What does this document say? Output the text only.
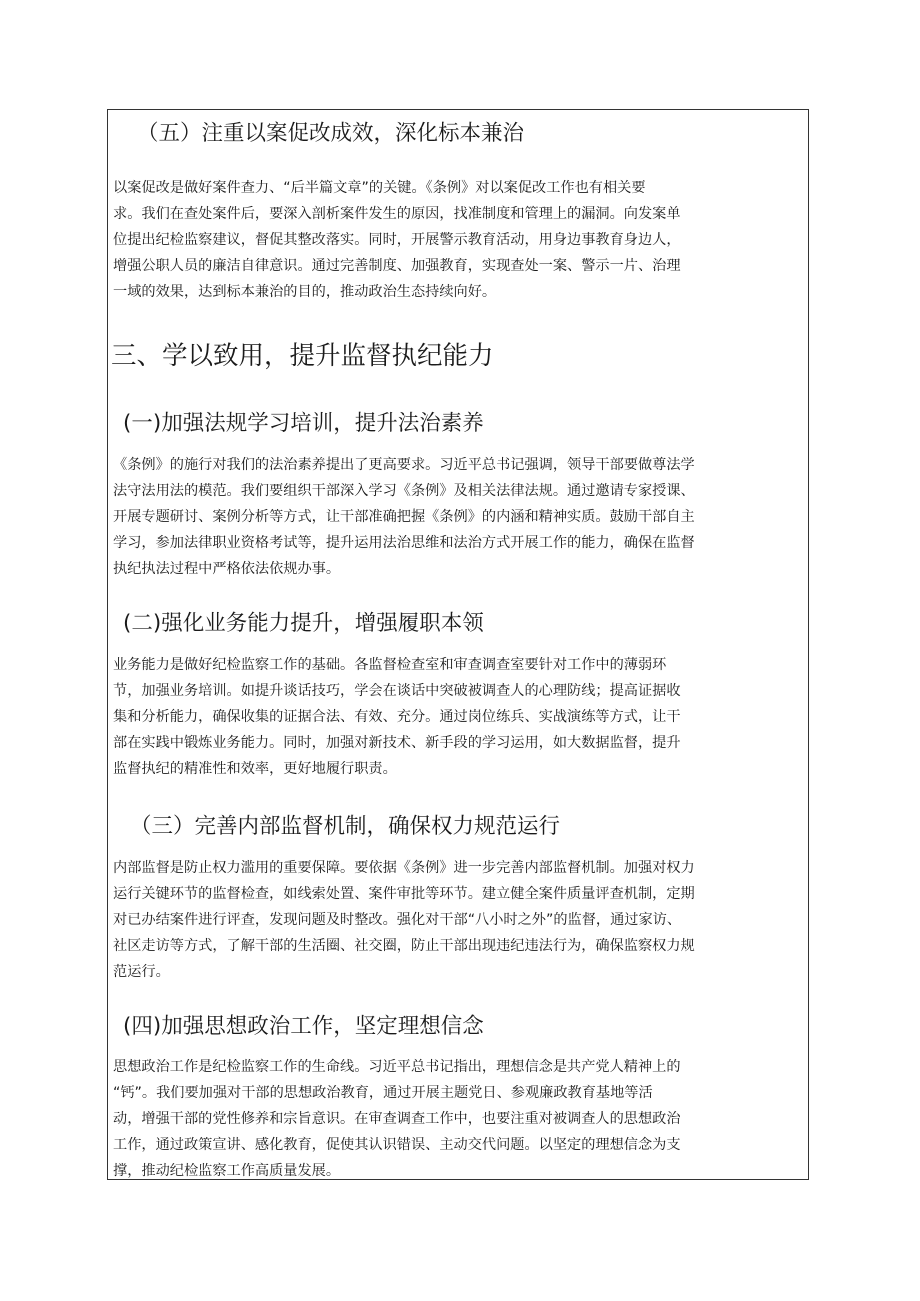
（五）注重以案促改成效，深化标本兼治
以案促改是做好案件查力、“后半篇文章”的关键。《条例》对以案促改工作也有相关要
求。我们在查处案件后，要深入剖析案件发生的原因，找准制度和管理上的漏洞。向发案单
位提出纪检监察建议，督促其整改落实。同时，开展警示教育活动，用身边事教育身边人，
增强公职人员的廉洁自律意识。通过完善制度、加强教育，实现查处一案、警示一片、治理
一域的效果，达到标本兼治的目的，推动政治生态持续向好。
三、学以致用，提升监督执纪能力
(一)加强法规学习培训，提升法治素养
《条例》的施行对我们的法治素养提出了更高要求。习近平总书记强调，领导干部要做尊法学
法守法用法的模范。我们要组织干部深入学习《条例》及相关法律法规。通过邀请专家授课、
开展专题研讨、案例分析等方式，让干部准确把握《条例》的内涵和精神实质。鼓励干部自主
学习，参加法律职业资格考试等，提升运用法治思维和法治方式开展工作的能力，确保在监督
执纪执法过程中严格依法依规办事。
(二)强化业务能力提升，增强履职本领
业务能力是做好纪检监察工作的基础。各监督检查室和审查调查室要针对工作中的薄弱环
节，加强业务培训。如提升谈话技巧，学会在谈话中突破被调查人的心理防线；提高证据收
集和分析能力，确保收集的证据合法、有效、充分。通过岗位练兵、实战演练等方式，让干
部在实践中锻炼业务能力。同时，加强对新技术、新手段的学习运用，如大数据监督，提升
监督执纪的精准性和效率，更好地履行职责。
（三）完善内部监督机制，确保权力规范运行
内部监督是防止权力滥用的重要保障。要依据《条例》进一步完善内部监督机制。加强对权力
运行关键环节的监督检查，如线索处置、案件审批等环节。建立健全案件质量评查机制，定期
对已办结案件进行评查，发现问题及时整改。强化对干部“八小时之外”的监督，通过家访、
社区走访等方式，了解干部的生活圈、社交圈，防止干部出现违纪违法行为，确保监察权力规
范运行。
(四)加强思想政治工作，坚定理想信念
思想政治工作是纪检监察工作的生命线。习近平总书记指出，理想信念是共产党人精神上的
“钙”。我们要加强对干部的思想政治教育，通过开展主题党日、参观廉政教育基地等活
动，增强干部的党性修养和宗旨意识。在审查调查工作中，也要注重对被调查人的思想政治
工作，通过政策宣讲、感化教育，促使其认识错误、主动交代问题。以坚定的理想信念为支
撑，推动纪检监察工作高质量发展。
